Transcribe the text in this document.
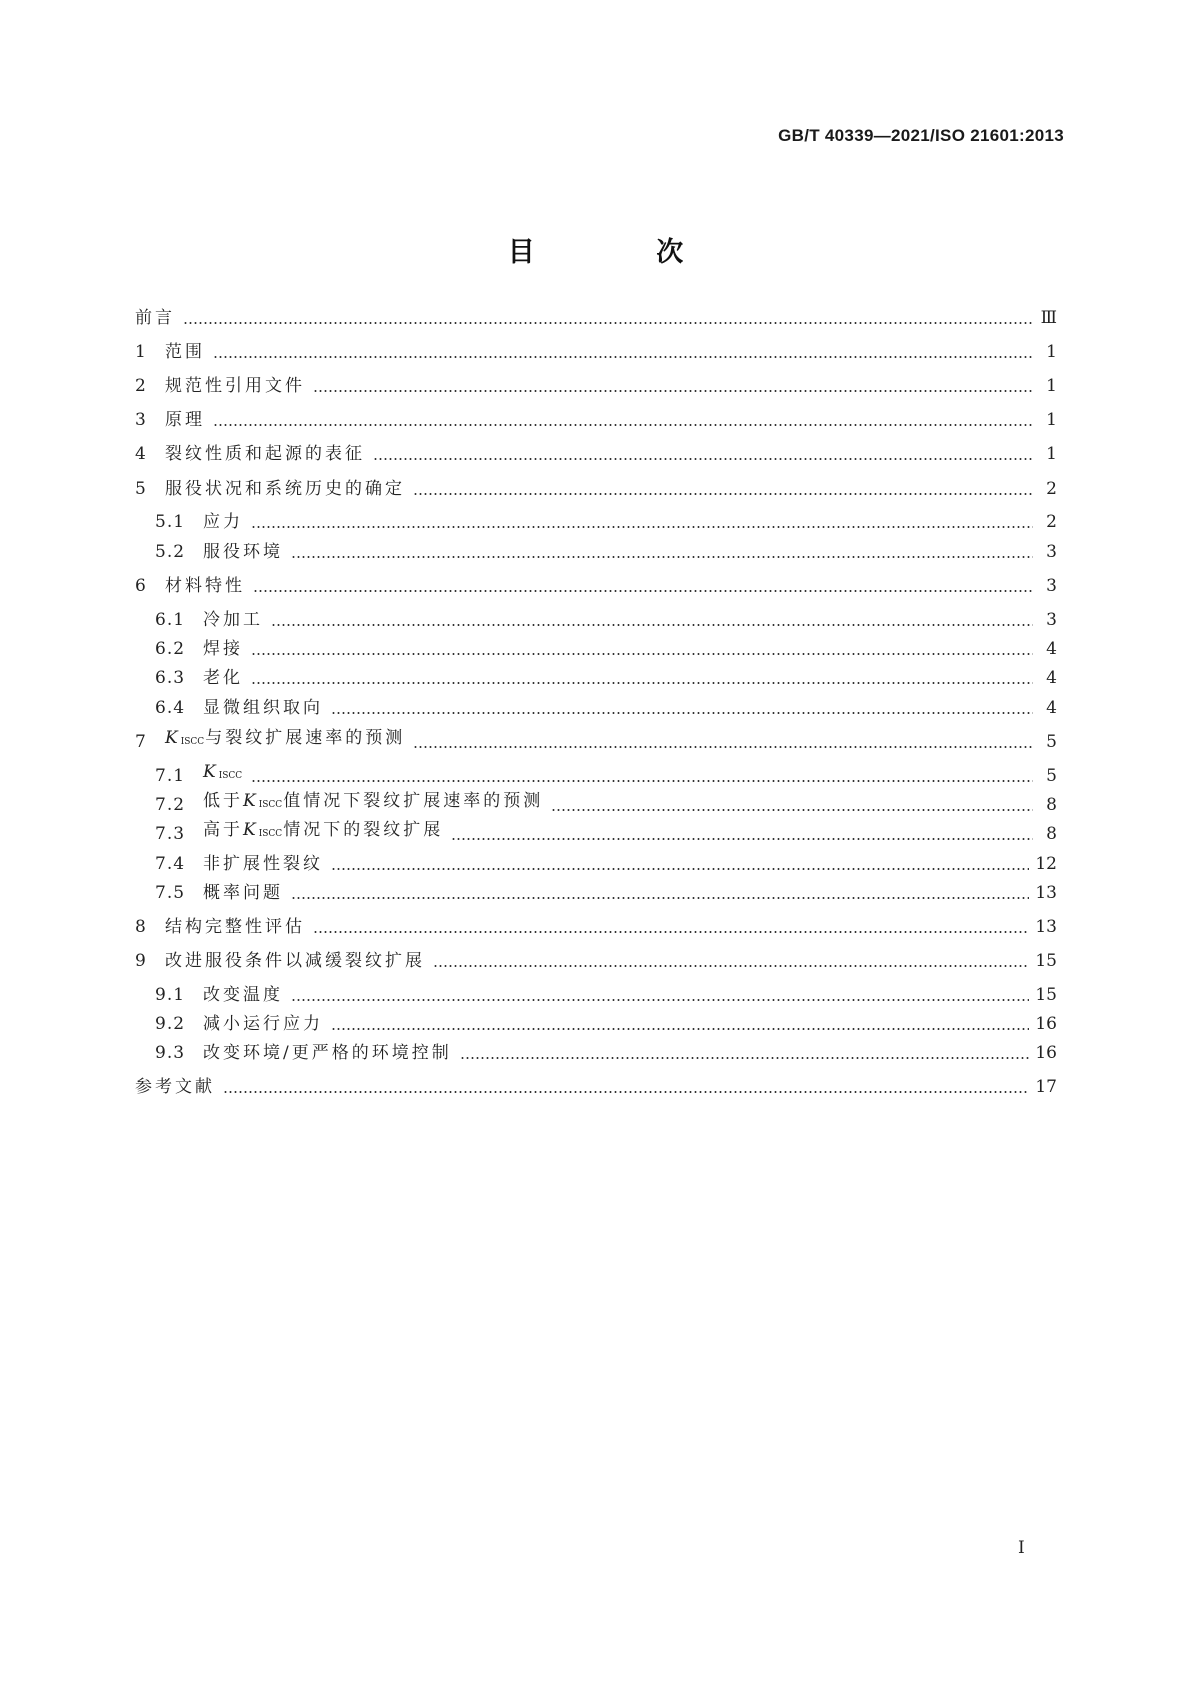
GB/T 40339—2021/ISO 21601:2013
目 次
前言	Ⅲ
1	范围	1
2	规范性引用文件	1
3	原理	1
4	裂纹性质和起源的表征	1
5	服役状况和系统历史的确定	2
5.1	应力	2
5.2	服役环境	3
6	材料特性	3
6.1	冷加工	3
6.2	焊接	4
6.3	老化	4
6.4	显微组织取向	4
7	KISCC与裂纹扩展速率的预测	5
7.1	KISCC	5
7.2	低于KISCC值情况下裂纹扩展速率的预测	8
7.3	高于KISCC情况下的裂纹扩展	8
7.4	非扩展性裂纹	12
7.5	概率问题	13
8	结构完整性评估	13
9	改进服役条件以减缓裂纹扩展	15
9.1	改变温度	15
9.2	减小运行应力	16
9.3	改变环境/更严格的环境控制	16
参考文献	17
I
